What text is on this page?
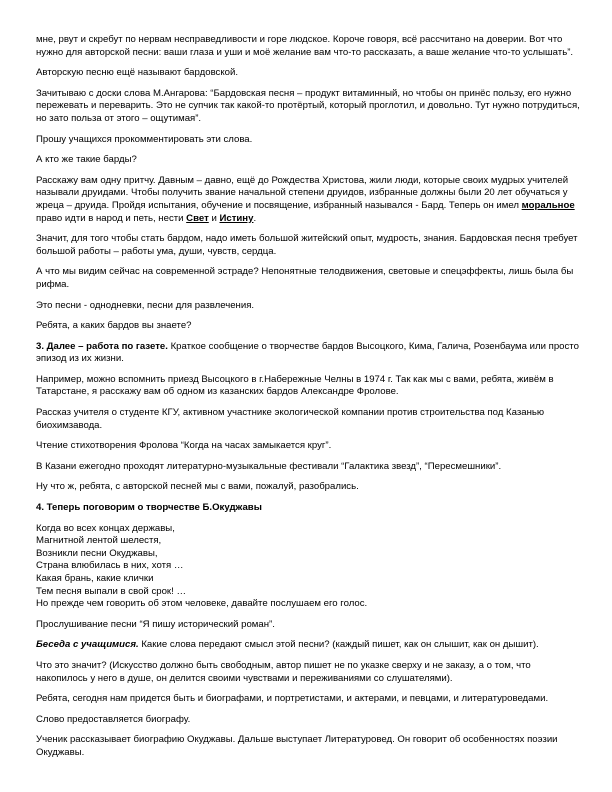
мне, рвут и скребут по нервам несправедливости и горе людское. Короче говоря, всё рассчитано на доверии. Вот что нужно для авторской песни: ваши глаза и уши и моё желание вам что-то рассказать, а ваше желание что-то услышать”.

Авторскую песню ещё называют бардовской.

Зачитываю с доски слова М.Ангарова: “Бардовская песня – продукт витаминный, но чтобы он принёс пользу, его нужно пережевать и переварить. Это не супчик так какой-то протёртый, который проглотил, и довольно. Тут нужно потрудиться, но зато польза от этого – ощутимая”.

Прошу учащихся прокомментировать эти слова.

А кто же такие барды?

Расскажу вам одну притчу. Давным – давно, ещё до Рождества Христова, жили люди, которые своих мудрых учителей называли друидами. Чтобы получить звание начальной степени друидов, избранные должны были 20 лет обучаться у жреца – друида. Пройдя испытания, обучение и посвящение, избранный назывался - Бард. Теперь он имел моральное право идти в народ и петь, нести Свет и Истину.

Значит, для того чтобы стать бардом, надо иметь большой житейский опыт, мудрость, знания. Бардовская песня требует большой работы – работы ума, души, чувств, сердца.

А что мы видим сейчас на современной эстраде? Непонятные телодвижения, световые и спецэффекты, лишь была бы рифма.

Это песни - однодневки, песни для развлечения.

Ребята, а каких бардов вы знаете?

3. Далее – работа по газете. Краткое сообщение о творчестве бардов Высоцкого, Кима, Галича, Розенбаума или просто эпизод из их жизни.

Например, можно вспомнить приезд Высоцкого в г.Набережные Челны в 1974 г. Так как мы с вами, ребята, живём в Татарстане, я расскажу вам об одном из казанских бардов Александре Фролове.

Рассказ учителя о студенте КГУ, активном участнике экологической компании против строительства под Казанью биохимзавода.

Чтение стихотворения Фролова “Когда на часах замыкается круг”.

В Казани ежегодно проходят литературно-музыкальные фестивали “Галактика звезд”, “Пересмешники”.

Ну что ж, ребята, с авторской песней мы с вами, пожалуй, разобрались.

4. Теперь поговорим о творчестве Б.Окуджавы

Когда во всех концах державы,
Магнитной лентой шелестя,
Возникли песни Окуджавы,
Страна влюбилась в них, хотя …
Какая брань, какие клички
Тем песня выпали в свой срок! …
Но прежде чем говорить об этом человеке, давайте послушаем его голос.

Прослушивание песни “Я пишу исторический роман”.

Беседа с учащимися. Какие слова передают смысл этой песни? (каждый пишет, как он слышит, как он дышит).

Что это значит? (Искусство должно быть свободным, автор пишет не по указке сверху и не заказу, а о том, что накопилось у него в душе, он делится своими чувствами и переживаниями со слушателями).

Ребята, сегодня нам придется быть и биографами, и портретистами, и актерами, и певцами, и литературоведами.

Слово предоставляется биографу.

Ученик рассказывает биографию Окуджавы. Дальше выступает Литературовед. Он говорит об особенностях поэзии Окуджавы.
